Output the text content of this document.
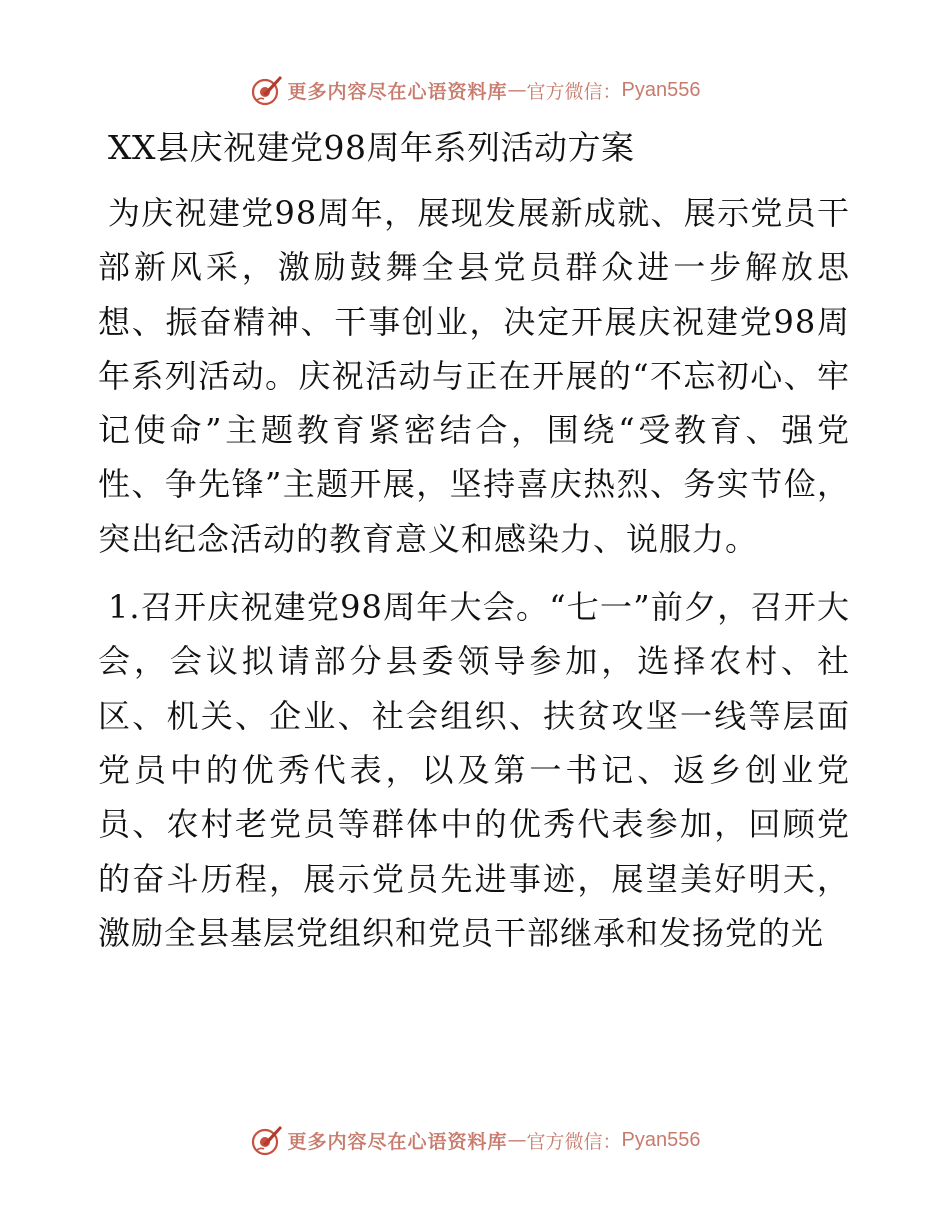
更多内容尽在心语资料库 — 官方微信： Pyan556
XX县庆祝建党98周年系列活动方案

为庆祝建党98周年，展现发展新成就、展示党员干部新风采，激励鼓舞全县党员群众进一步解放思想、振奋精神、干事创业，决定开展庆祝建党98周年系列活动。庆祝活动与正在开展的“不忘初心、牢记使命”主题教育紧密结合，围绕“受教育、强党性、争先锋”主题开展，坚持喜庆热烈、务实节俭，突出纪念活动的教育意义和感染力、说服力。

1.召开庆祝建党98周年大会。“七一”前夕，召开大会，会议拟请部分县委领导参加，选择农村、社区、机关、企业、社会组织、扶贫攻坚一线等层面党员中的优秀代表，以及第一书记、返乡创业党员、农村老党员等群体中的优秀代表参加，回顾党的奋斗历程，展示党员先进事迹，展望美好明天，激励全县基层党组织和党员干部继承和发扬党的光

更多内容尽在心语资料库 — 官方微信： Pyan556
